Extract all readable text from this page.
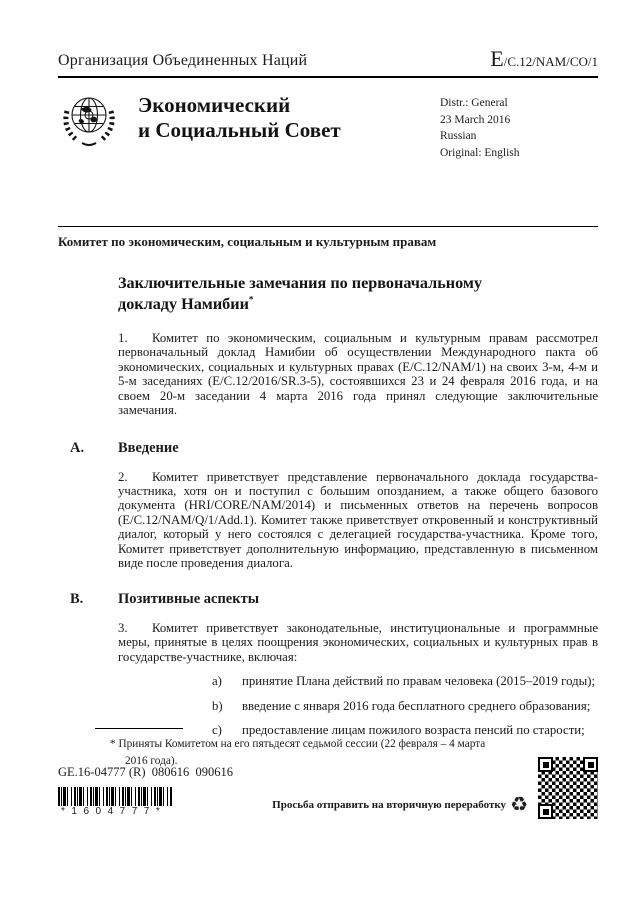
Организация Объединенных Наций	E/C.12/NAM/CO/1
Экономический
и Социальный Совет
Distr.: General
23 March 2016
Russian
Original: English
Комитет по экономическим, социальным и культурным правам
Заключительные замечания по первоначальному докладу Намибии*

1. Комитет по экономическим, социальным и культурным правам рассмотрел первоначальный доклад Намибии об осуществлении Международного пакта об экономических, социальных и культурных правах (E/C.12/NAM/1) на своих 3-м, 4-м и 5-м заседаниях (E/C.12/2016/SR.3-5), состоявшихся 23 и 24 февраля 2016 года, и на своем 20-м заседании 4 марта 2016 года принял следующие заключительные замечания.

A. Введение

2. Комитет приветствует представление первоначального доклада государства-участника, хотя он и поступил с большим опозданием, а также общего базового документа (HRI/CORE/NAM/2014) и письменных ответов на перечень вопросов (E/C.12/NAM/Q/1/Add.1). Комитет также приветствует откровенный и конструктивный диалог, который у него состоялся с делегацией государства-участника. Кроме того, Комитет приветствует дополнительную информацию, представленную в письменном виде после проведения диалога.

B. Позитивные аспекты

3. Комитет приветствует законодательные, институциональные и программные меры, принятые в целях поощрения экономических, социальных и культурных прав в государстве-участнике, включая:

a) принятие Плана действий по правам человека (2015–2019 годы);

b) введение с января 2016 года бесплатного среднего образования;

c) предоставление лицам пожилого возраста пенсий по старости;

* Приняты Комитетом на его пятьдесят седьмой сессии (22 февраля – 4 марта 2016 года).
GE.16-04777 (R)  080616  090616
*1604777*
Просьба отправить на вторичную переработку ♻
